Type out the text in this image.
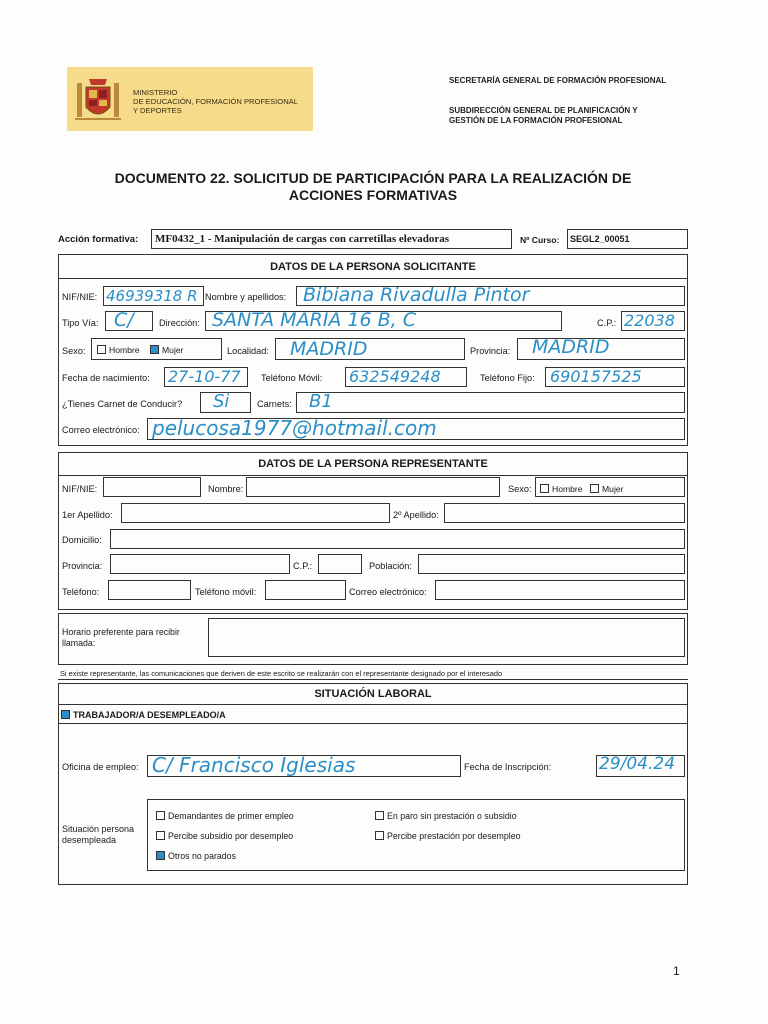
MINISTERIO
DE EDUCACIÓN, FORMACIÓN PROFESIONAL
Y DEPORTES
SECRETARÍA GENERAL DE FORMACIÓN PROFESIONAL
SUBDIRECCIÓN GENERAL DE PLANIFICACIÓN Y
GESTIÓN DE LA FORMACIÓN PROFESIONAL
DOCUMENTO 22. SOLICITUD DE PARTICIPACIÓN PARA LA REALIZACIÓN DE
ACCIONES FORMATIVAS
Acción formativa: MF0432_1 - Manipulación de cargas con carretillas elevadoras	Nº Curso: SEGL2_00051
DATOS DE LA PERSONA SOLICITANTE
NIF/NIE: 46939318 R Nombre y apellidos: Bibiana Rivadulla Pintor
Tipo Vía: C/	Dirección: SANTA MARIA 16 B, C	C.P.: 22038
Sexo:	Hombre	Mujer	Localidad: MADRID	Provincia: MADRID
Fecha de nacimiento: 27-10-77 Teléfono Móvil: 632549248	Teléfono Fijo: 690157525
¿Tienes Carnet de Conducir? Si	Carnets: B1
Correo electrónico: pelucosa1977@hotmail.com
DATOS DE LA PERSONA REPRESENTANTE
NIF/NIE:	Nombre:	Sexo:	Hombre	Mujer
1er Apellido:	2º Apellido:
Domicilio:
Provincia:	C.P.:	Población:
Teléfono:	Teléfono móvil:	Correo electrónico:
Horario preferente para recibir llamada:
Si existe representante, las comunicaciones que deriven de este escrito se realizarán con el representante designado por el interesado
SITUACIÓN LABORAL
TRABAJADOR/A DESEMPLEADO/A
Oficina de empleo: C/ Francisco Iglesias	Fecha de Inscripción:	29/04.24
Situación persona desempleada
Demandantes de primer empleo
Percibe subsidio por desempleo
Otros no parados
En paro sin prestación o subsidio
Percibe prestación por desempleo
1
